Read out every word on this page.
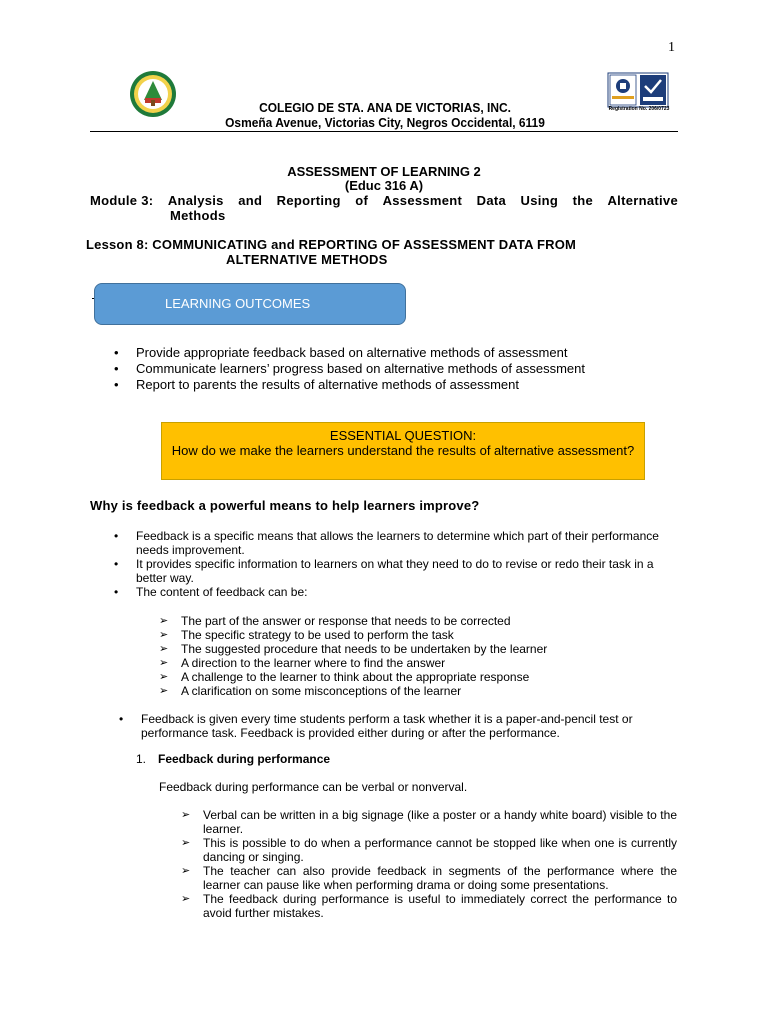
1
Registration No. 206/0723
COLEGIO DE STA. ANA DE VICTORIAS, INC.
Osmeña Avenue, Victorias City, Negros Occidental, 6119
ASSESSMENT OF LEARNING 2
(Educ 316 A)
Module 3: Analysis and Reporting of Assessment Data Using the Alternative
Methods
Lesson 8: COMMUNICATING and REPORTING OF ASSESSMENT DATA FROM
ALTERNATIVE METHODS
LEARNING OUTCOMES
• Provide appropriate feedback based on alternative methods of assessment
• Communicate learners’ progress based on alternative methods of assessment
• Report to parents the results of alternative methods of assessment
ESSENTIAL QUESTION:
How do we make the learners understand the results of alternative assessment?
Why is feedback a powerful means to help learners improve?
• Feedback is a specific means that allows the learners to determine which part of their performance needs improvement.
• It provides specific information to learners on what they need to do to revise or redo their task in a better way.
• The content of feedback can be:
➢ The part of the answer or response that needs to be corrected
➢ The specific strategy to be used to perform the task
➢ The suggested procedure that needs to be undertaken by the learner
➢ A direction to the learner where to find the answer
➢ A challenge to the learner to think about the appropriate response
➢ A clarification on some misconceptions of the learner
• Feedback is given every time students perform a task whether it is a paper-and-pencil test or performance task. Feedback is provided either during or after the performance.
1. Feedback during performance
Feedback during performance can be verbal or nonverval.
➢ Verbal can be written in a big signage (like a poster or a handy white board) visible to the learner.
➢ This is possible to do when a performance cannot be stopped like when one is currently dancing or singing.
➢ The teacher can also provide feedback in segments of the performance where the learner can pause like when performing drama or doing some presentations.
➢ The feedback during performance is useful to immediately correct the performance to avoid further mistakes.
